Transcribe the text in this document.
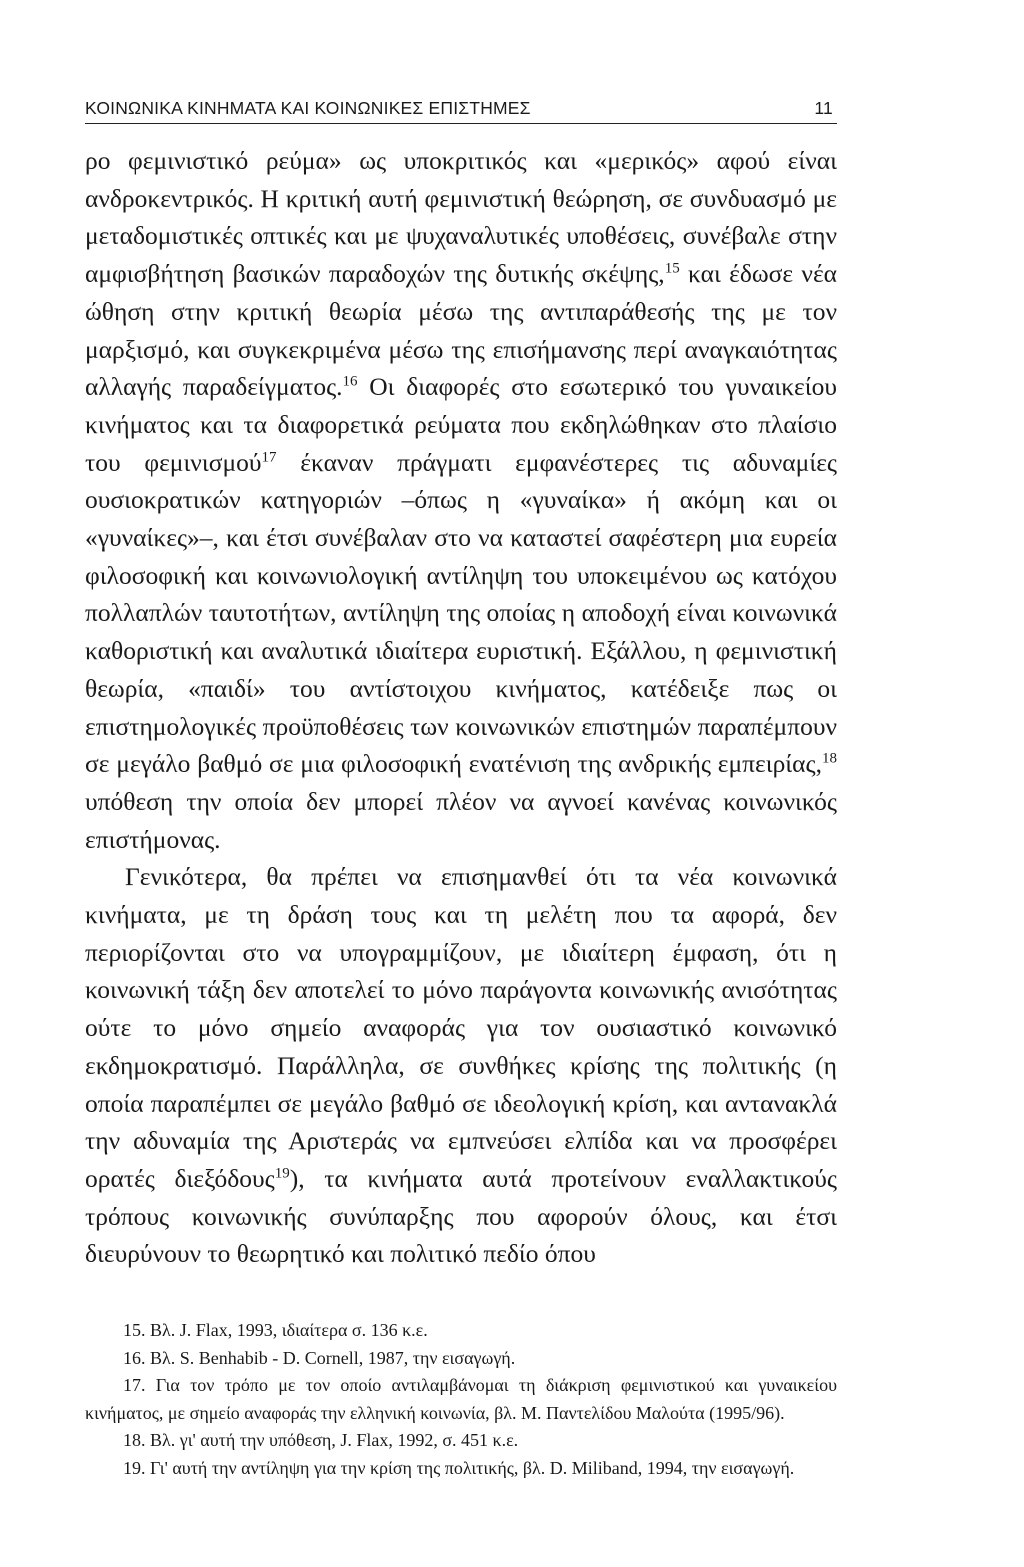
ΚΟΙΝΩΝΙΚΑ ΚΙΝΗΜΑΤΑ ΚΑΙ ΚΟΙΝΩΝΙΚΕΣ ΕΠΙΣΤΗΜΕΣ	11

ρο φεμινιστικό ρεύμα» ως υποκριτικός και «μερικός» αφού είναι ανδροκεντρικός. Η κριτική αυτή φεμινιστική θεώρηση, σε συνδυασμό με μεταδομιστικές οπτικές και με ψυχαναλυτικές υποθέσεις, συνέβαλε στην αμφισβήτηση βασικών παραδοχών της δυτικής σκέψης,$^{15}$ και έδωσε νέα ώθηση στην κριτική θεωρία μέσω της αντιπαράθεσής της με τον μαρξισμό, και συγκεκριμένα μέσω της επισήμανσης περί αναγκαιότητας αλλαγής παραδείγματος.$^{16}$ Οι διαφορές στο εσωτερικό του γυναικείου κινήματος και τα διαφορετικά ρεύματα που εκδηλώθηκαν στο πλαίσιο του φεμινισμού$^{17}$ έκαναν πράγματι εμφανέστερες τις αδυναμίες ουσιοκρατικών κατηγοριών –όπως η «γυναίκα» ή ακόμη και οι «γυναίκες»–, και έτσι συνέβαλαν στο να καταστεί σαφέστερη μια ευρεία φιλοσοφική και κοινωνιολογική αντίληψη του υποκειμένου ως κατόχου πολλαπλών ταυτοτήτων, αντίληψη της οποίας η αποδοχή είναι κοινωνικά καθοριστική και αναλυτικά ιδιαίτερα ευριστική. Εξάλλου, η φεμινιστική θεωρία, «παιδί» του αντίστοιχου κινήματος, κατέδειξε πως οι επιστημολογικές προϋποθέσεις των κοινωνικών επιστημών παραπέμπουν σε μεγάλο βαθμό σε μια φιλοσοφική ενατένιση της ανδρικής εμπειρίας,$^{18}$ υπόθεση την οποία δεν μπορεί πλέον να αγνοεί κανένας κοινωνικός επιστήμονας.

Γενικότερα, θα πρέπει να επισημανθεί ότι τα νέα κοινωνικά κινήματα, με τη δράση τους και τη μελέτη που τα αφορά, δεν περιορίζονται στο να υπογραμμίζουν, με ιδιαίτερη έμφαση, ότι η κοινωνική τάξη δεν αποτελεί το μόνο παράγοντα κοινωνικής ανισότητας ούτε το μόνο σημείο αναφοράς για τον ουσιαστικό κοινωνικό εκδημοκρατισμό. Παράλληλα, σε συνθήκες κρίσης της πολιτικής (η οποία παραπέμπει σε μεγάλο βαθμό σε ιδεολογική κρίση, και αντανακλά την αδυναμία της Αριστεράς να εμπνεύσει ελπίδα και να προσφέρει ορατές διεξόδους$^{19}$), τα κινήματα αυτά προτείνουν εναλλακτικούς τρόπους κοινωνικής συνύπαρξης που αφορούν όλους, και έτσι διευρύνουν το θεωρητικό και πολιτικό πεδίο όπου

15. Βλ. J. Flax, 1993, ιδιαίτερα σ. 136 κ.ε.

16. Βλ. S. Benhabib - D. Cornell, 1987, την εισαγωγή.

17. Για τον τρόπο με τον οποίο αντιλαμβάνομαι τη διάκριση φεμινιστικού και γυναικείου κινήματος, με σημείο αναφοράς την ελληνική κοινωνία, βλ. Μ. Παντελίδου Μαλούτα (1995/96).

18. Βλ. γι' αυτή την υπόθεση, J. Flax, 1992, σ. 451 κ.ε.

19. Γι' αυτή την αντίληψη για την κρίση της πολιτικής, βλ. D. Miliband, 1994, την εισαγωγή.
